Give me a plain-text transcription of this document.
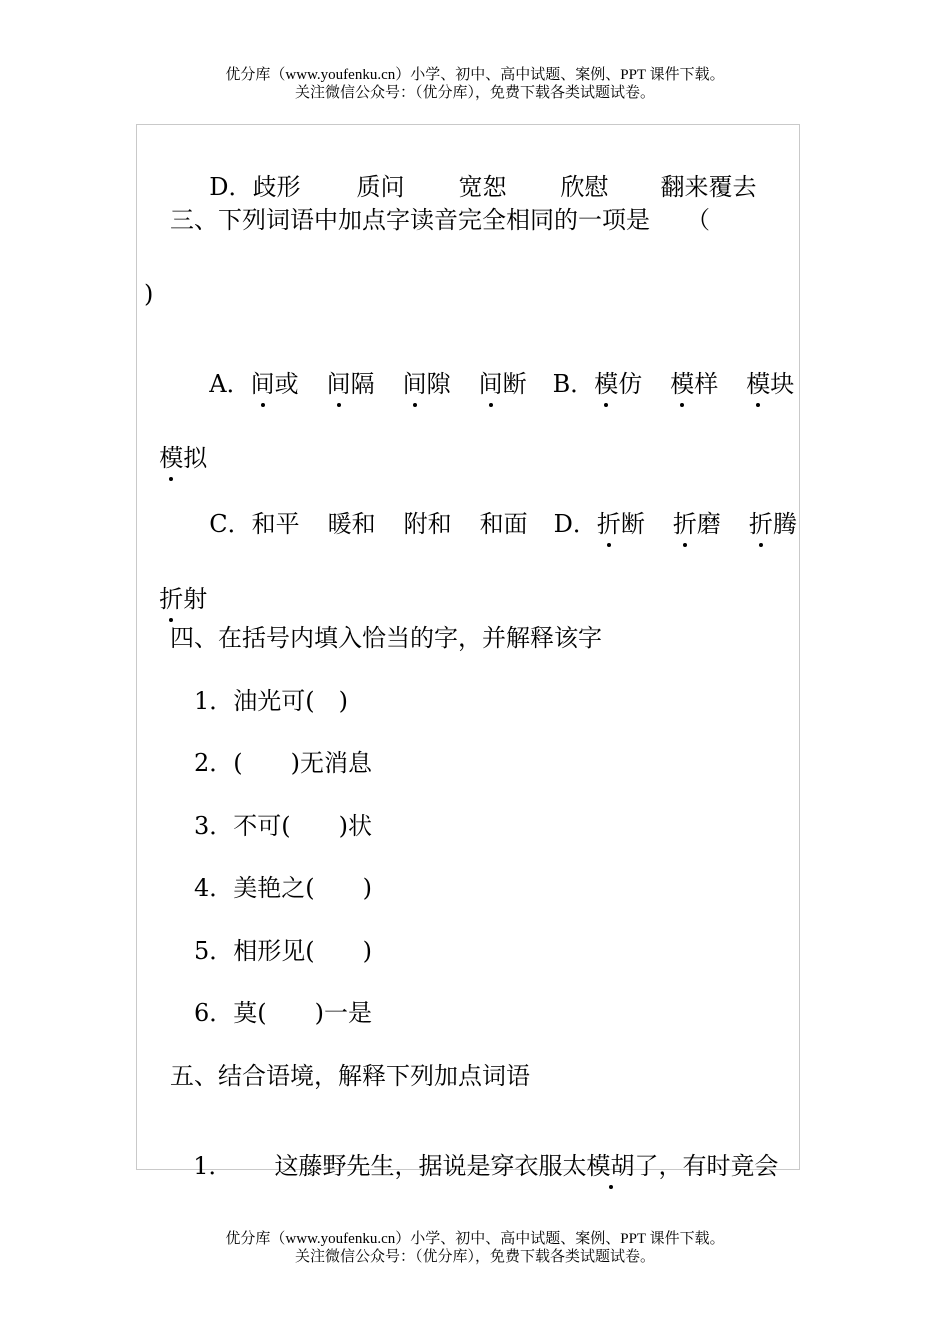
优分库（www.youfenku.cn）小学、初中、高中试题、案例、PPT 课件下载。
关注微信公众号：（优分库），免费下载各类试题试卷。

D．歧形 质问 宽恕 欣慰 翻来覆去

三、下列词语中加点字读音完全相同的一项是　　（
)

A．间或 间隔 间隙 间断 B．模仿 模样 模块

模拟

C．和平 暖和 附和 和面 D．折断 折磨 折腾

折射

四、在括号内填入恰当的字，并解释该字
1．油光可(　)
2．(　　)无消息
3．不可(　　)状
4．美艳之(　　)
5．相形见(　　)
6．莫(　　)一是
五、结合语境，解释下列加点词语

1． 这藤野先生，据说是穿衣服太模胡了，有时竟会

优分库（www.youfenku.cn）小学、初中、高中试题、案例、PPT 课件下载。
关注微信公众号：（优分库），免费下载各类试题试卷。
